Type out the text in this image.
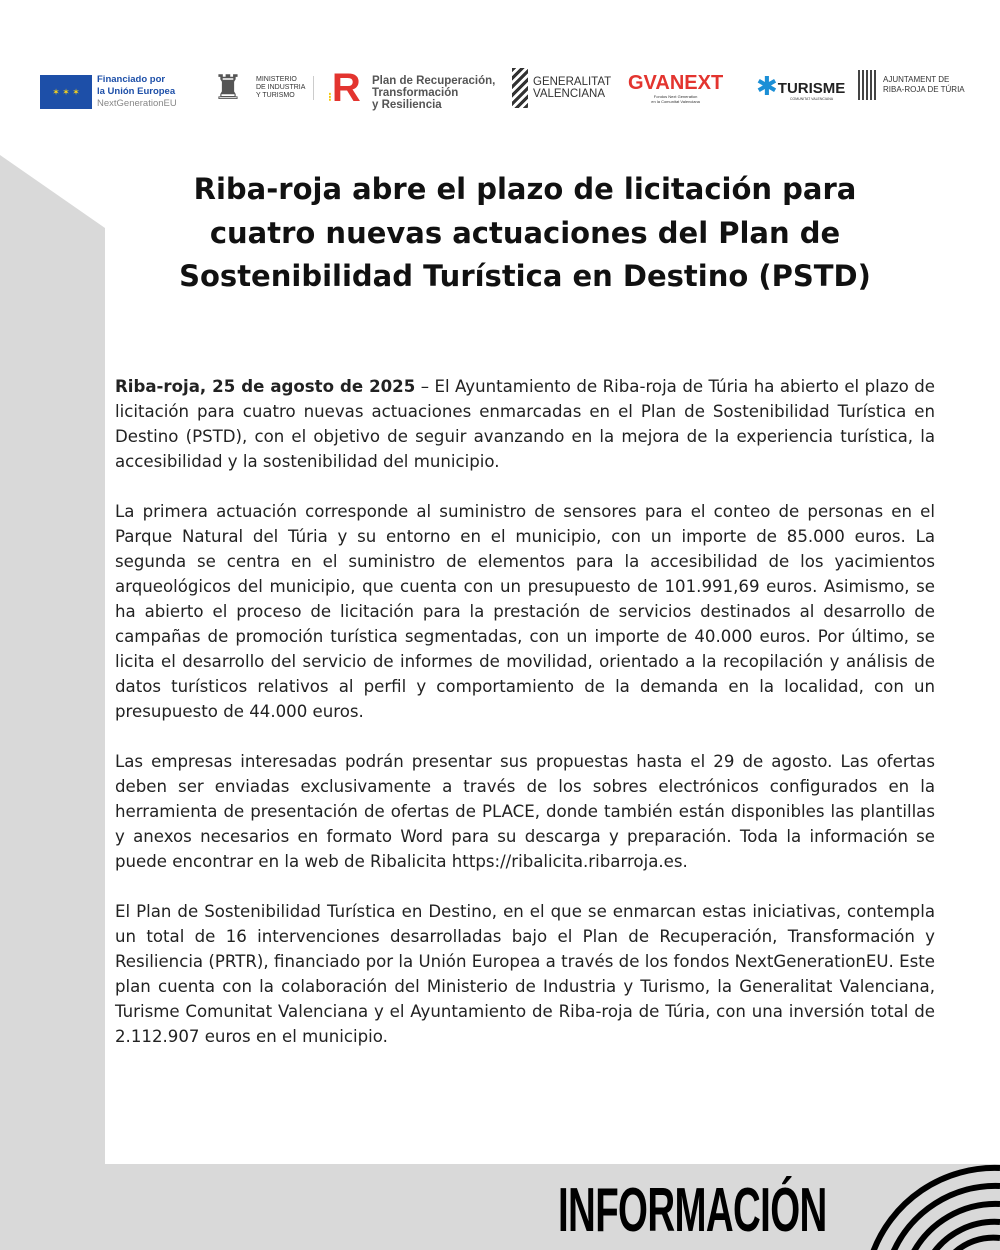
✶ ✶ ✶
Financiado por
la Unión Europea
NextGenerationEU ♜	MINISTERIO
DE INDUSTRIA
Y TURISMO	⁝R Plan de Recuperación,
Transformación
y Resiliencia
GENERALITAT
VALENCIANA	GVANEXT
Fondos Next Generation
en la Comunitat Valenciana
✱ TURISME
COMUNITAT VALENCIANA
AJUNTAMENT DE
RIBA-ROJA DE TÚRIA
Riba-roja abre el plazo de licitación para cuatro nuevas actuaciones del Plan de Sostenibilidad Turística en Destino (PSTD)

Riba-roja, 25 de agosto de 2025 – El Ayuntamiento de Riba-roja de Túria ha abierto el plazo de licitación para cuatro nuevas actuaciones enmarcadas en el Plan de Sostenibilidad Turística en Destino (PSTD), con el objetivo de seguir avanzando en la mejora de la experiencia turística, la accesibilidad y la sostenibilidad del municipio.

La primera actuación corresponde al suministro de sensores para el conteo de personas en el Parque Natural del Túria y su entorno en el municipio, con un importe de 85.000 euros. La segunda se centra en el suministro de elementos para la accesibilidad de los yacimientos arqueológicos del municipio, que cuenta con un presupuesto de 101.991,69 euros. Asimismo, se ha abierto el proceso de licitación para la prestación de servicios destinados al desarrollo de campañas de promoción turística segmentadas, con un importe de 40.000 euros. Por último, se licita el desarrollo del servicio de informes de movilidad, orientado a la recopilación y análisis de datos turísticos relativos al perfil y comportamiento de la demanda en la localidad, con un presupuesto de 44.000 euros.

Las empresas interesadas podrán presentar sus propuestas hasta el 29 de agosto. Las ofertas deben ser enviadas exclusivamente a través de los sobres electrónicos configurados en la herramienta de presentación de ofertas de PLACE, donde también están disponibles las plantillas y anexos necesarios en formato Word para su descarga y preparación. Toda la información se puede encontrar en la web de Ribalicita https://ribalicita.ribarroja.es.

El Plan de Sostenibilidad Turística en Destino, en el que se enmarcan estas iniciativas, contempla un total de 16 intervenciones desarrolladas bajo el Plan de Recuperación, Transformación y Resiliencia (PRTR), financiado por la Unión Europea a través de los fondos NextGenerationEU. Este plan cuenta con la colaboración del Ministerio de Industria y Turismo, la Generalitat Valenciana, Turisme Comunitat Valenciana y el Ayuntamiento de Riba-roja de Túria, con una inversión total de 2.112.907 euros en el municipio.

INFORMACIÓN
